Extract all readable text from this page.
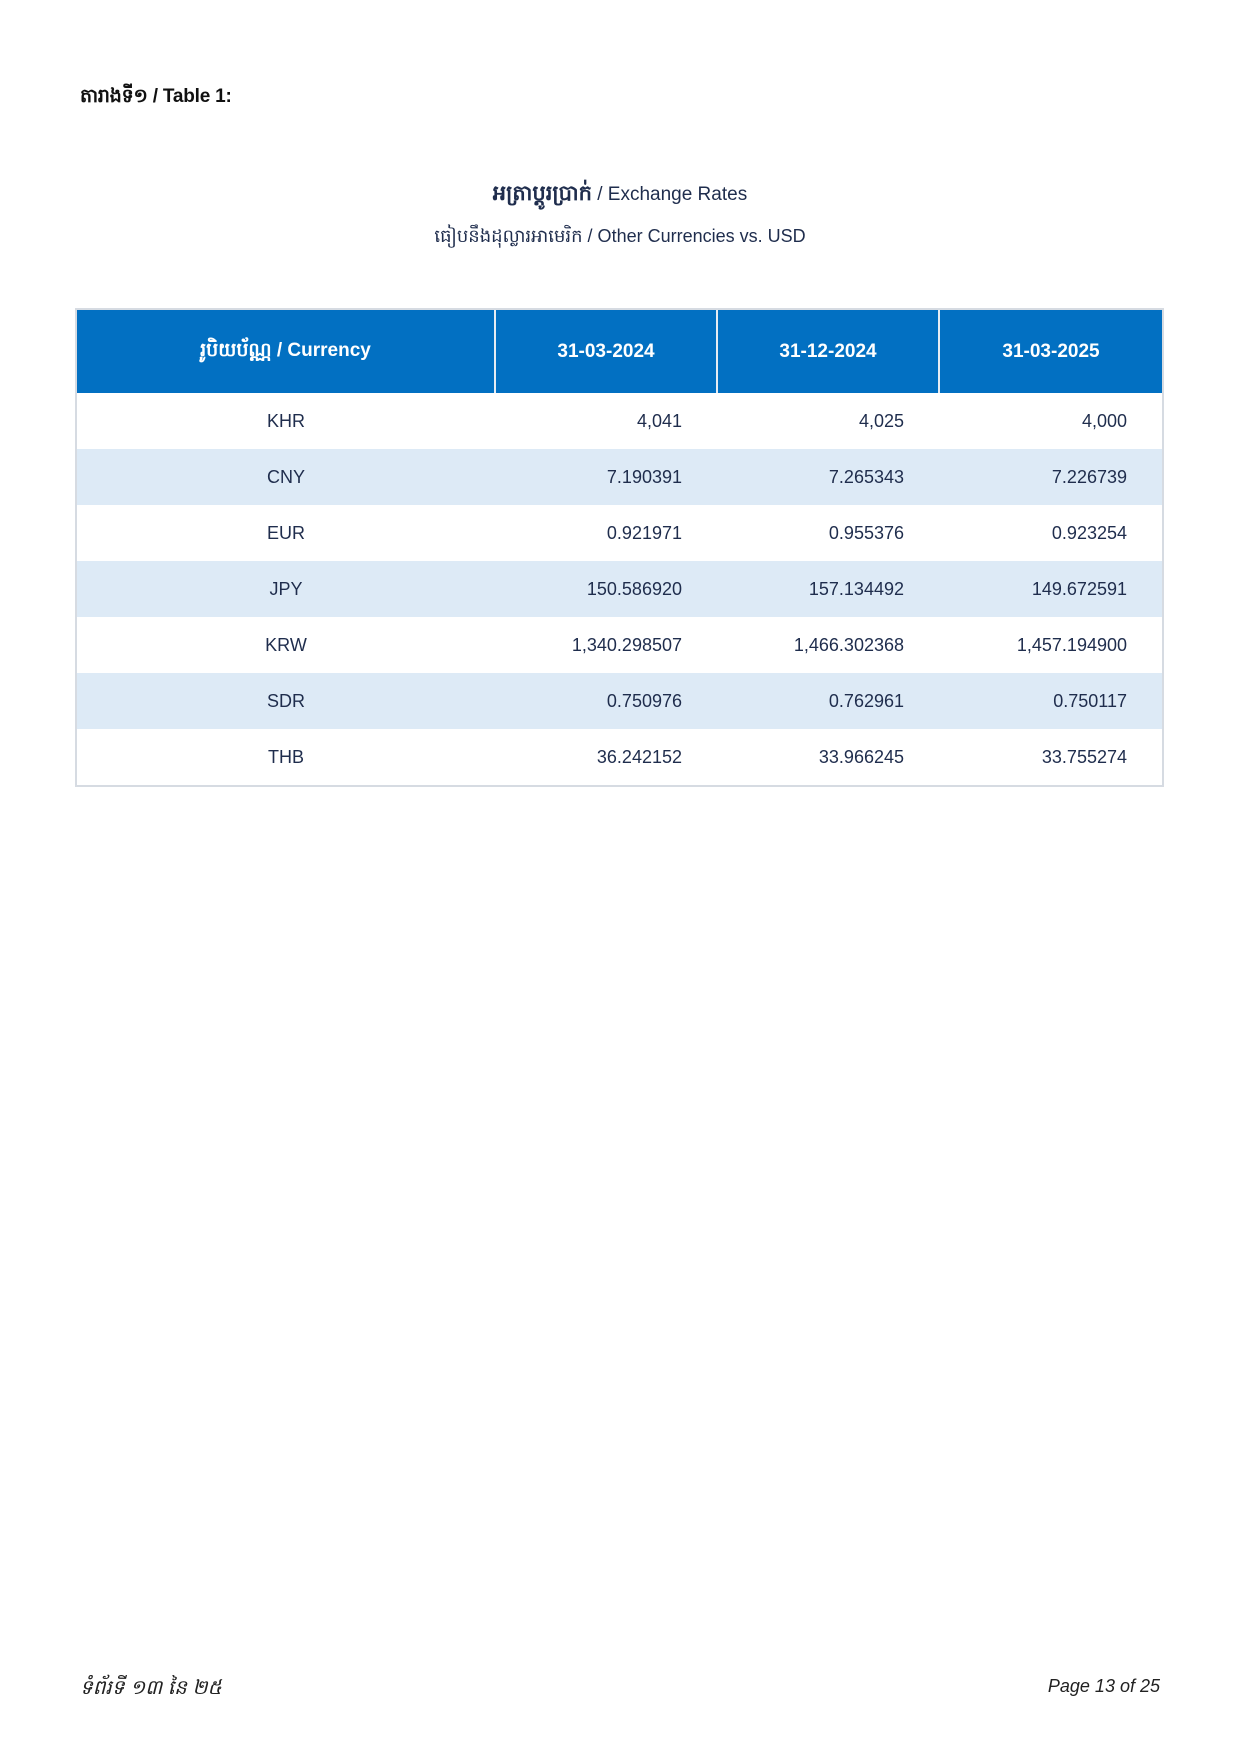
តារាងទី១ / Table 1:
អត្រាប្តូរប្រាក់ / Exchange Rates
ធៀបនឹងដុល្លារអាមេរិក / Other Currencies vs. USD
រូបិយប័ណ្ណ / Currency	31-03-2024	31-12-2024	31-03-2025
KHR	4,041	4,025	4,000
CNY	7.190391	7.265343	7.226739
EUR	0.921971	0.955376	0.923254
JPY	150.586920	157.134492	149.672591
KRW	1,340.298507	1,466.302368	1,457.194900
SDR	0.750976	0.762961	0.750117
THB	36.242152	33.966245	33.755274
ទំព័រទី ១៣ នៃ ២៥	Page 13 of 25
